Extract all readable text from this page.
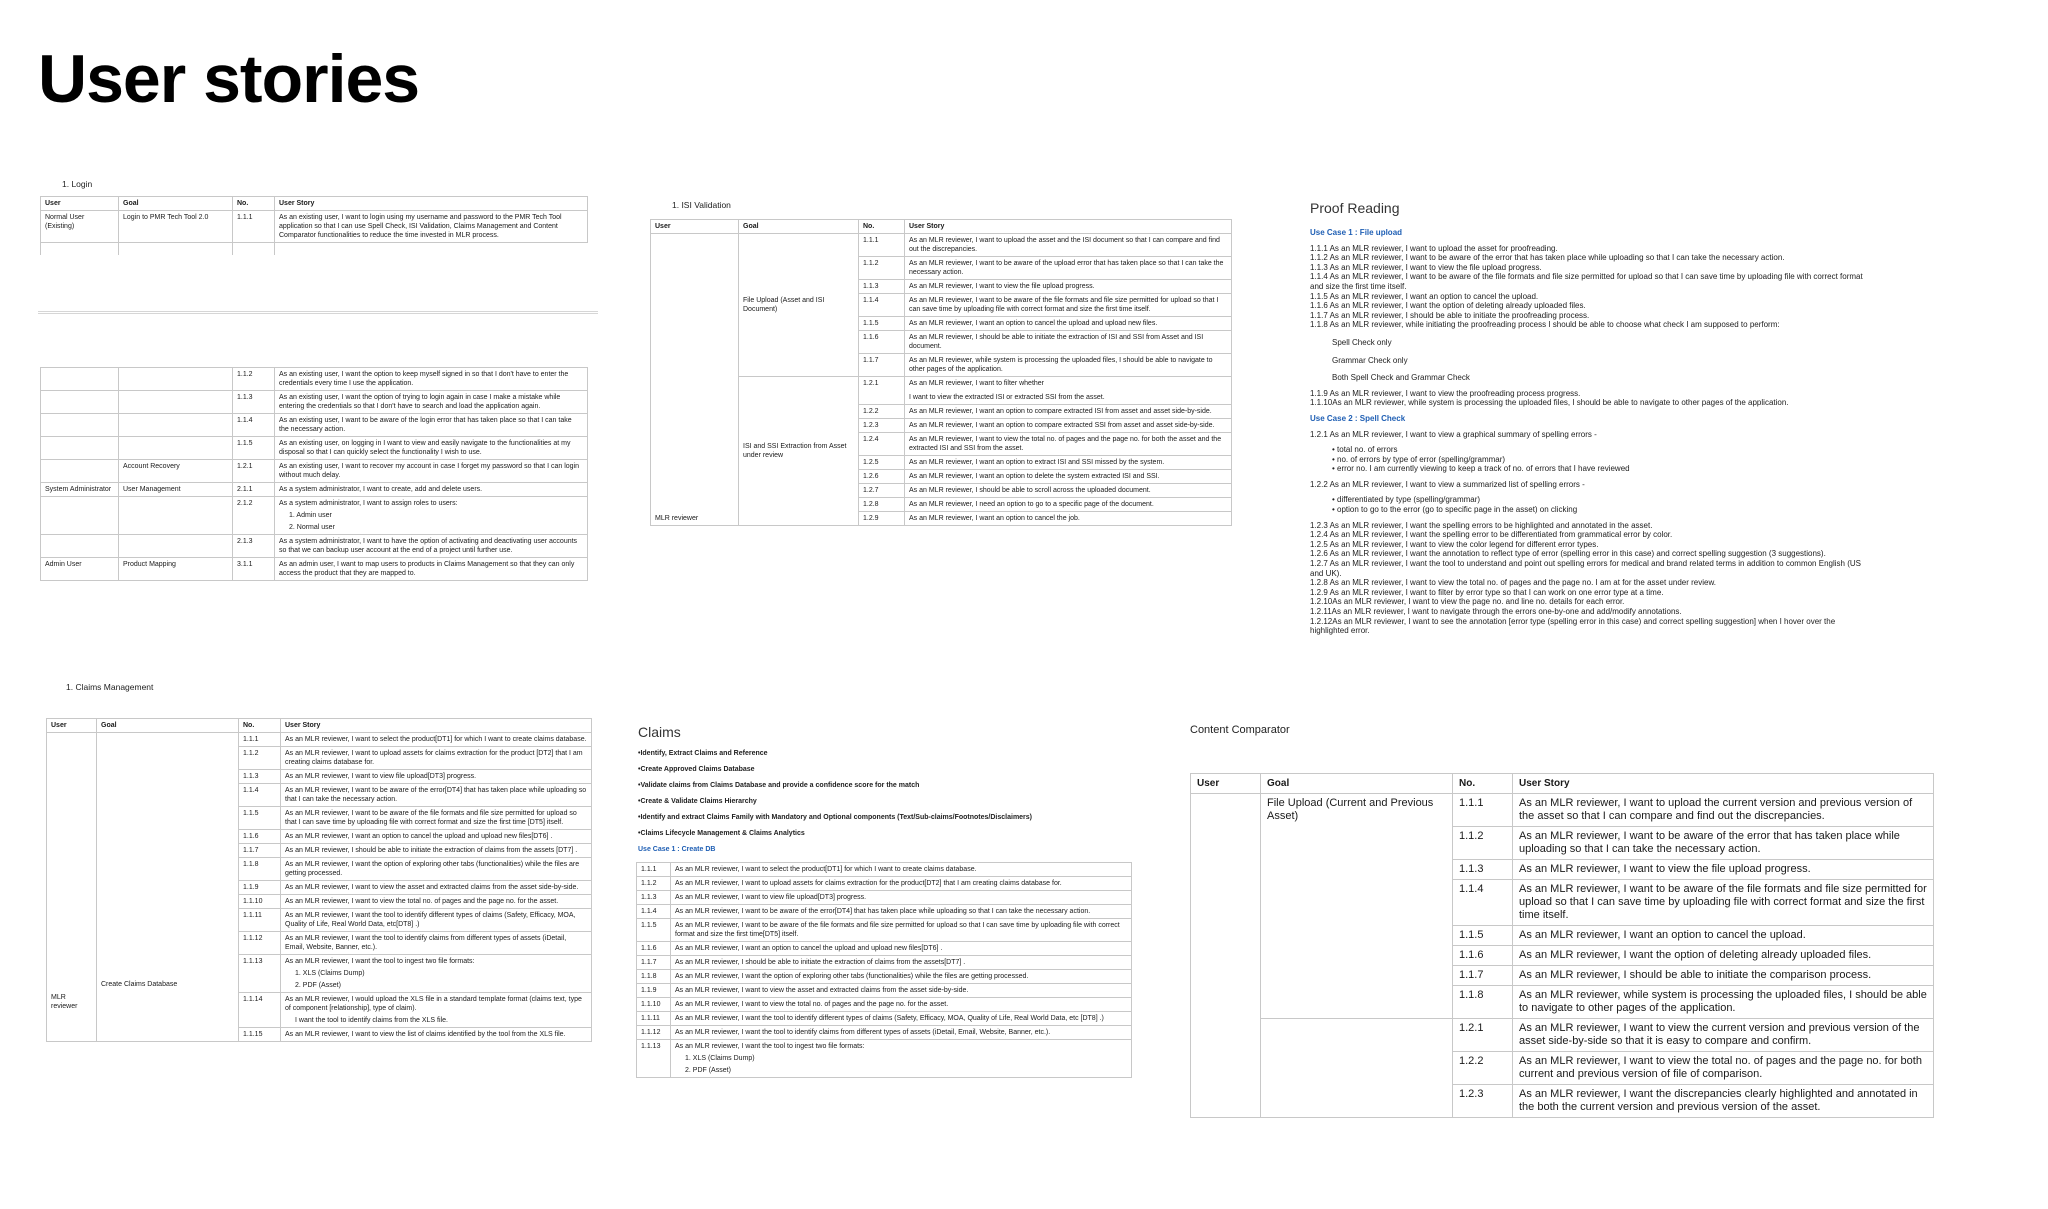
User stories
1. Login
User	Goal	No.	User Story
Normal User (Existing)	Login to PMR Tech Tool 2.0	1.1.1	As an existing user, I want to login using my username and password to the PMR Tech Tool application so that I can use Spell Check, ISI Validation, Claims Management and Content Comparator functionalities to reduce the time invested in MLR process.

		1.1.2	As an existing user, I want the option to keep myself signed in so that I don't have to enter the credentials every time I use the application.

		1.1.3	As an existing user, I want the option of trying to login again in case I make a mistake while entering the credentials so that I don't have to search and load the application again.

		1.1.4	As an existing user, I want to be aware of the login error that has taken place so that I can take the necessary action.

		1.1.5	As an existing user, on logging in I want to view and easily navigate to the functionalities at my disposal so that I can quickly select the functionality I wish to use.

	Account Recovery	1.2.1	As an existing user, I want to recover my account in case I forget my password so that I can login without much delay.

System Administrator	User Management	2.1.1	As a system administrator, I want to create, add and delete users.

		2.1.2	As a system administrator, I want to assign roles to users:
1. Admin user
2. Normal user

		2.1.3	As a system administrator, I want to have the option of activating and deactivating user accounts so that we can backup user account at the end of a project until further use.

Admin User	Product Mapping	3.1.1	As an admin user, I want to map users to products in Claims Management so that they can only access the product that they are mapped to.
1. ISI Validation
User	Goal	No.	User Story
MLR reviewer	File Upload (Asset and ISI Document)	1.1.1	As an MLR reviewer, I want to upload the asset and the ISI document so that I can compare and find out the discrepancies.

		1.1.2	As an MLR reviewer, I want to be aware of the upload error that has taken place so that I can take the necessary action.

		1.1.3	As an MLR reviewer, I want to view the file upload progress.

		1.1.4	As an MLR reviewer, I want to be aware of the file formats and file size permitted for upload so that I can save time by uploading file with correct format and size the first time itself.

		1.1.5	As an MLR reviewer, I want an option to cancel the upload and upload new files.

		1.1.6	As an MLR reviewer, I should be able to initiate the extraction of ISI and SSI from Asset and ISI document.

		1.1.7	As an MLR reviewer, while system is processing the uploaded files, I should be able to navigate to other pages of the application.

	ISI and SSI Extraction from Asset under review	1.2.1	As an MLR reviewer, I want to filter whether
I want to view the extracted ISI or extracted SSI from the asset.

		1.2.2	As an MLR reviewer, I want an option to compare extracted ISI from asset and asset side-by-side.

		1.2.3	As an MLR reviewer, I want an option to compare extracted SSI from asset and asset side-by-side.

		1.2.4	As an MLR reviewer, I want to view the total no. of pages and the page no. for both the asset and the extracted ISI and SSI from the asset.

		1.2.5	As an MLR reviewer, I want an option to extract ISI and SSI missed by the system.

		1.2.6	As an MLR reviewer, I want an option to delete the system extracted ISI and SSI.

		1.2.7	As an MLR reviewer, I should be able to scroll across the uploaded document.

		1.2.8	As an MLR reviewer, I need an option to go to a specific page of the document.

		1.2.9	As an MLR reviewer, I want an option to cancel the job.
Proof Reading
Use Case 1 : File upload
1.1.1 As an MLR reviewer, I want to upload the asset for proofreading.
1.1.2 As an MLR reviewer, I want to be aware of the error that has taken place while uploading so that I can take the necessary action.
1.1.3 As an MLR reviewer, I want to view the file upload progress.
1.1.4 As an MLR reviewer, I want to be aware of the file formats and file size permitted for upload so that I can save time by uploading file with correct format and size the first time itself.
1.1.5 As an MLR reviewer, I want an option to cancel the upload.
1.1.6 As an MLR reviewer, I want the option of deleting already uploaded files.
1.1.7 As an MLR reviewer, I should be able to initiate the proofreading process.
1.1.8 As an MLR reviewer, while initiating the proofreading process I should be able to choose what check I am supposed to perform:
Spell Check only
Grammar Check only
Both Spell Check and Grammar Check
1.1.9 As an MLR reviewer, I want to view the proofreading process progress.
1.1.10As an MLR reviewer, while system is processing the uploaded files, I should be able to navigate to other pages of the application.
Use Case 2 : Spell Check
1.2.1 As an MLR reviewer, I want to view a graphical summary of spelling errors -
• total no. of errors
• no. of errors by type of error (spelling/grammar)
• error no. I am currently viewing to keep a track of no. of errors that I have reviewed
1.2.2 As an MLR reviewer, I want to view a summarized list of spelling errors -
• differentiated by type (spelling/grammar)
• option to go to the error (go to specific page in the asset) on clicking
1.2.3 As an MLR reviewer, I want the spelling errors to be highlighted and annotated in the asset.
1.2.4 As an MLR reviewer, I want the spelling error to be differentiated from grammatical error by color.
1.2.5 As an MLR reviewer, I want to view the color legend for different error types.
1.2.6 As an MLR reviewer, I want the annotation to reflect type of error (spelling error in this case) and correct spelling suggestion (3 suggestions).
1.2.7 As an MLR reviewer, I want the tool to understand and point out spelling errors for medical and brand related terms in addition to common English (US and UK).
1.2.8 As an MLR reviewer, I want to view the total no. of pages and the page no. I am at for the asset under review.
1.2.9 As an MLR reviewer, I want to filter by error type so that I can work on one error type at a time.
1.2.10As an MLR reviewer, I want to view the page no. and line no. details for each error.
1.2.11As an MLR reviewer, I want to navigate through the errors one-by-one and add/modify annotations.
1.2.12As an MLR reviewer, I want to see the annotation [error type (spelling error in this case) and correct spelling suggestion] when I hover over the highlighted error.
1. Claims Management
User	Goal	No.	User Story
MLR reviewer	Create Claims Database	1.1.1	As an MLR reviewer, I want to select the product[DT1] for which I want to create claims database.

		1.1.2	As an MLR reviewer, I want to upload assets for claims extraction for the product [DT2] that I am creating claims database for.

		1.1.3	As an MLR reviewer, I want to view file upload[DT3] progress.

		1.1.4	As an MLR reviewer, I want to be aware of the error[DT4] that has taken place while uploading so that I can take the necessary action.

		1.1.5	As an MLR reviewer, I want to be aware of the file formats and file size permitted for upload so that I can save time by uploading file with correct format and size the first time [DT5] itself.

		1.1.6	As an MLR reviewer, I want an option to cancel the upload and upload new files[DT6] .

		1.1.7	As an MLR reviewer, I should be able to initiate the extraction of claims from the assets [DT7] .

		1.1.8	As an MLR reviewer, I want the option of exploring other tabs (functionalities) while the files are getting processed.

		1.1.9	As an MLR reviewer, I want to view the asset and extracted claims from the asset side-by-side.

		1.1.10	As an MLR reviewer, I want to view the total no. of pages and the page no. for the asset.

		1.1.11	As an MLR reviewer, I want the tool to identify different types of claims (Safety, Efficacy, MOA, Quality of Life, Real World Data, etc[DT8] .)

		1.1.12	As an MLR reviewer, I want the tool to identify claims from different types of assets (iDetail, Email, Website, Banner, etc.).

		1.1.13	As an MLR reviewer, I want the tool to ingest two file formats:
1. XLS (Claims Dump)
2. PDF (Asset)

		1.1.14	As an MLR reviewer, I would upload the XLS file in a standard template format (claims text, type of component [relationship], type of claim).
I want the tool to identify claims from the XLS file.

		1.1.15	As an MLR reviewer, I want to view the list of claims identified by the tool from the XLS file.
Claims
•Identify, Extract Claims and Reference
•Create Approved Claims Database
•Validate claims from Claims Database and provide a confidence score for the match
•Create & Validate Claims Hierarchy
•Identify and extract Claims Family with Mandatory and Optional components (Text/Sub-claims/Footnotes/Disclaimers)
•Claims Lifecycle Management & Claims Analytics
Use Case 1 : Create DB
1.1.1	As an MLR reviewer, I want to select the product[DT1] for which I want to create claims database.

1.1.2	As an MLR reviewer, I want to upload assets for claims extraction for the product[DT2] that I am creating claims database for.

1.1.3	As an MLR reviewer, I want to view file upload[DT3] progress.

1.1.4	As an MLR reviewer, I want to be aware of the error[DT4] that has taken place while uploading so that I can take the necessary action.

1.1.5	As an MLR reviewer, I want to be aware of the file formats and file size permitted for upload so that I can save time by uploading file with correct format and size the first time[DT5] itself.

1.1.6	As an MLR reviewer, I want an option to cancel the upload and upload new files[DT6] .

1.1.7	As an MLR reviewer, I should be able to initiate the extraction of claims from the assets[DT7] .

1.1.8	As an MLR reviewer, I want the option of exploring other tabs (functionalities) while the files are getting processed.

1.1.9	As an MLR reviewer, I want to view the asset and extracted claims from the asset side-by-side.

1.1.10	As an MLR reviewer, I want to view the total no. of pages and the page no. for the asset.

1.1.11	As an MLR reviewer, I want the tool to identify different types of claims (Safety, Efficacy, MOA, Quality of Life, Real World Data, etc [DT8] .)

1.1.12	As an MLR reviewer, I want the tool to identify claims from different types of assets (iDetail, Email, Website, Banner, etc.).

1.1.13	As an MLR reviewer, I want the tool to ingest two file formats:
1. XLS (Claims Dump)
2. PDF (Asset)
Content Comparator
User	Goal	No.	User Story
	File Upload (Current and Previous Asset)	1.1.1	As an MLR reviewer, I want to upload the current version and previous version of the asset so that I can compare and find out the discrepancies.

		1.1.2	As an MLR reviewer, I want to be aware of the error that has taken place while uploading so that I can take the necessary action.

		1.1.3	As an MLR reviewer, I want to view the file upload progress.

		1.1.4	As an MLR reviewer, I want to be aware of the file formats and file size permitted for upload so that I can save time by uploading file with correct format and size the first time itself.

		1.1.5	As an MLR reviewer, I want an option to cancel the upload.

		1.1.6	As an MLR reviewer, I want the option of deleting already uploaded files.

		1.1.7	As an MLR reviewer, I should be able to initiate the comparison process.

		1.1.8	As an MLR reviewer, while system is processing the uploaded files, I should be able to navigate to other pages of the application.

		1.2.1	As an MLR reviewer, I want to view the current version and previous version of the asset side-by-side so that it is easy to compare and confirm.

		1.2.2	As an MLR reviewer, I want to view the total no. of pages and the page no. for both current and previous version of file of comparison.

		1.2.3	As an MLR reviewer, I want the discrepancies clearly highlighted and annotated in the both the current version and previous version of the asset.
